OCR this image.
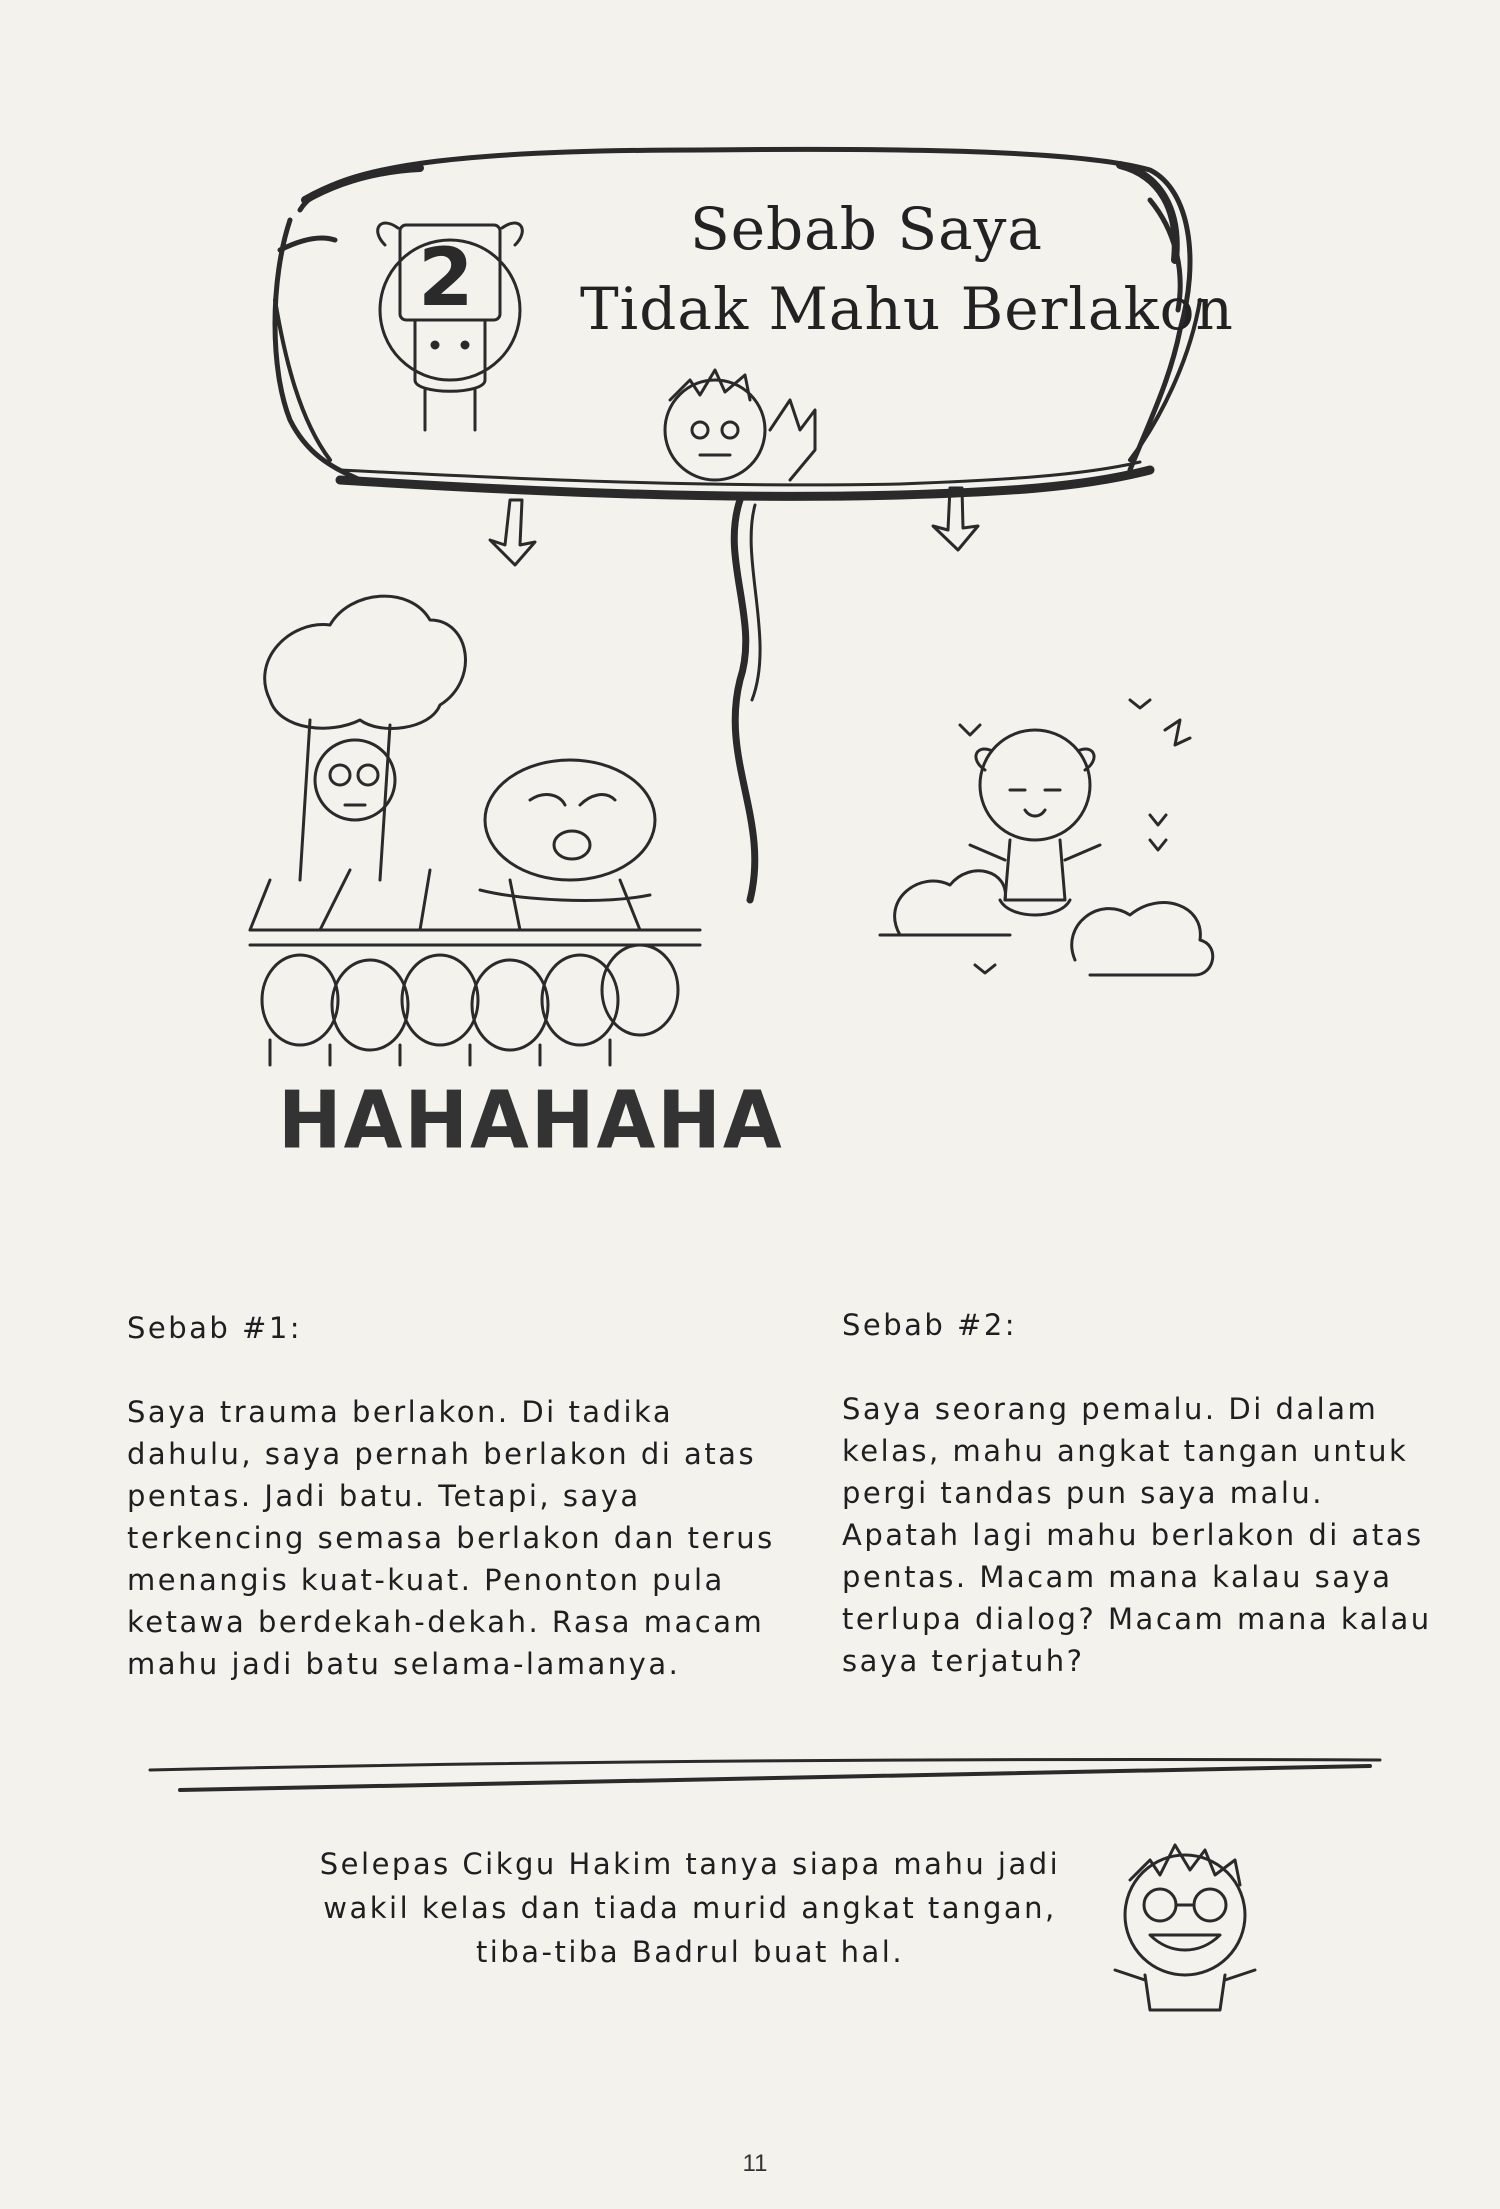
2
Sebab Saya
Tidak Mahu Berlakon
HAHAHAHA

Sebab #1:

Saya trauma berlakon. Di tadika dahulu, saya pernah berlakon di atas pentas. Jadi batu. Tetapi, saya terkencing semasa berlakon dan terus menangis kuat-kuat. Penonton pula ketawa berdekah-dekah. Rasa macam mahu jadi batu selama-lamanya.

Sebab #2:

Saya seorang pemalu. Di dalam kelas, mahu angkat tangan untuk pergi tandas pun saya malu. Apatah lagi mahu berlakon di atas pentas. Macam mana kalau saya terlupa dialog? Macam mana kalau saya terjatuh?

Selepas Cikgu Hakim tanya siapa mahu jadi wakil kelas dan tiada murid angkat tangan, tiba-tiba Badrul buat hal.
11
